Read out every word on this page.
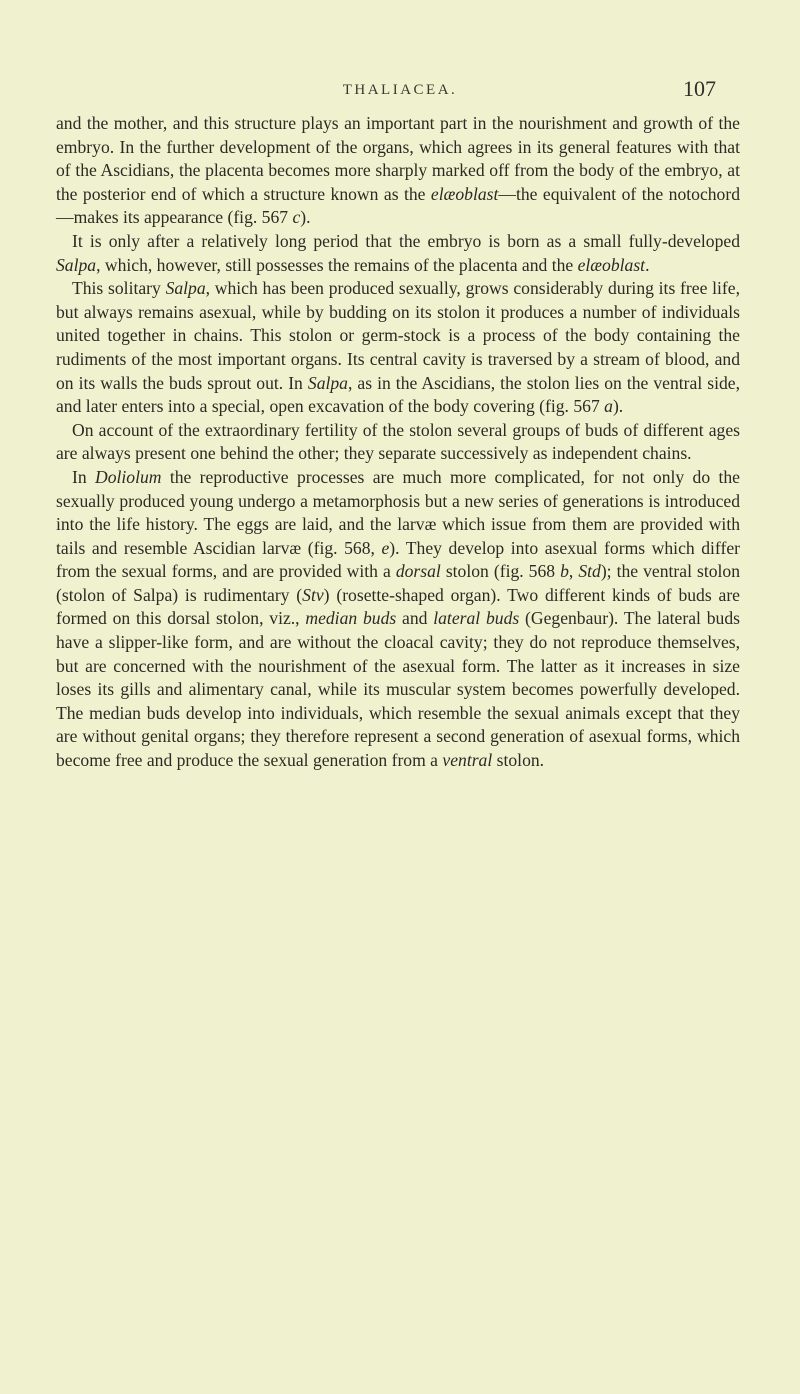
THALIACEA.	107

and the mother, and this structure plays an important part in the nourishment and growth of the embryo. In the further development of the organs, which agrees in its general features with that of the Ascidians, the placenta becomes more sharply marked off from the body of the embryo, at the posterior end of which a structure known as the elæoblast—the equivalent of the notochord —makes its appearance (fig. 567 c).

It is only after a relatively long period that the embryo is born as a small fully-developed Salpa, which, however, still possesses the remains of the placenta and the elæoblast.

This solitary Salpa, which has been produced sexually, grows considerably during its free life, but always remains asexual, while by budding on its stolon it produces a number of individuals united together in chains. This stolon or germ-stock is a process of the body containing the rudiments of the most important organs. Its central cavity is traversed by a stream of blood, and on its walls the buds sprout out. In Salpa, as in the Ascidians, the stolon lies on the ventral side, and later enters into a special, open excavation of the body covering (fig. 567 a).

On account of the extraordinary fertility of the stolon several groups of buds of different ages are always present one behind the other; they separate successively as independent chains.

In Doliolum the reproductive processes are much more complicated, for not only do the sexually produced young undergo a metamorphosis but a new series of generations is introduced into the life history. The eggs are laid, and the larvæ which issue from them are provided with tails and resemble Ascidian larvæ (fig. 568, e). They develop into asexual forms which differ from the sexual forms, and are provided with a dorsal stolon (fig. 568 b, Std); the ventral stolon (stolon of Salpa) is rudimentary (Stv) (rosette-shaped organ). Two different kinds of buds are formed on this dorsal stolon, viz., median buds and lateral buds (Gegenbaur). The lateral buds have a slipper-like form, and are without the cloacal cavity; they do not reproduce themselves, but are concerned with the nourishment of the asexual form. The latter as it increases in size loses its gills and alimentary canal, while its muscular system becomes powerfully developed. The median buds develop into individuals, which resemble the sexual animals except that they are without genital organs; they therefore represent a second generation of asexual forms, which become free and produce the sexual generation from a ventral stolon.
